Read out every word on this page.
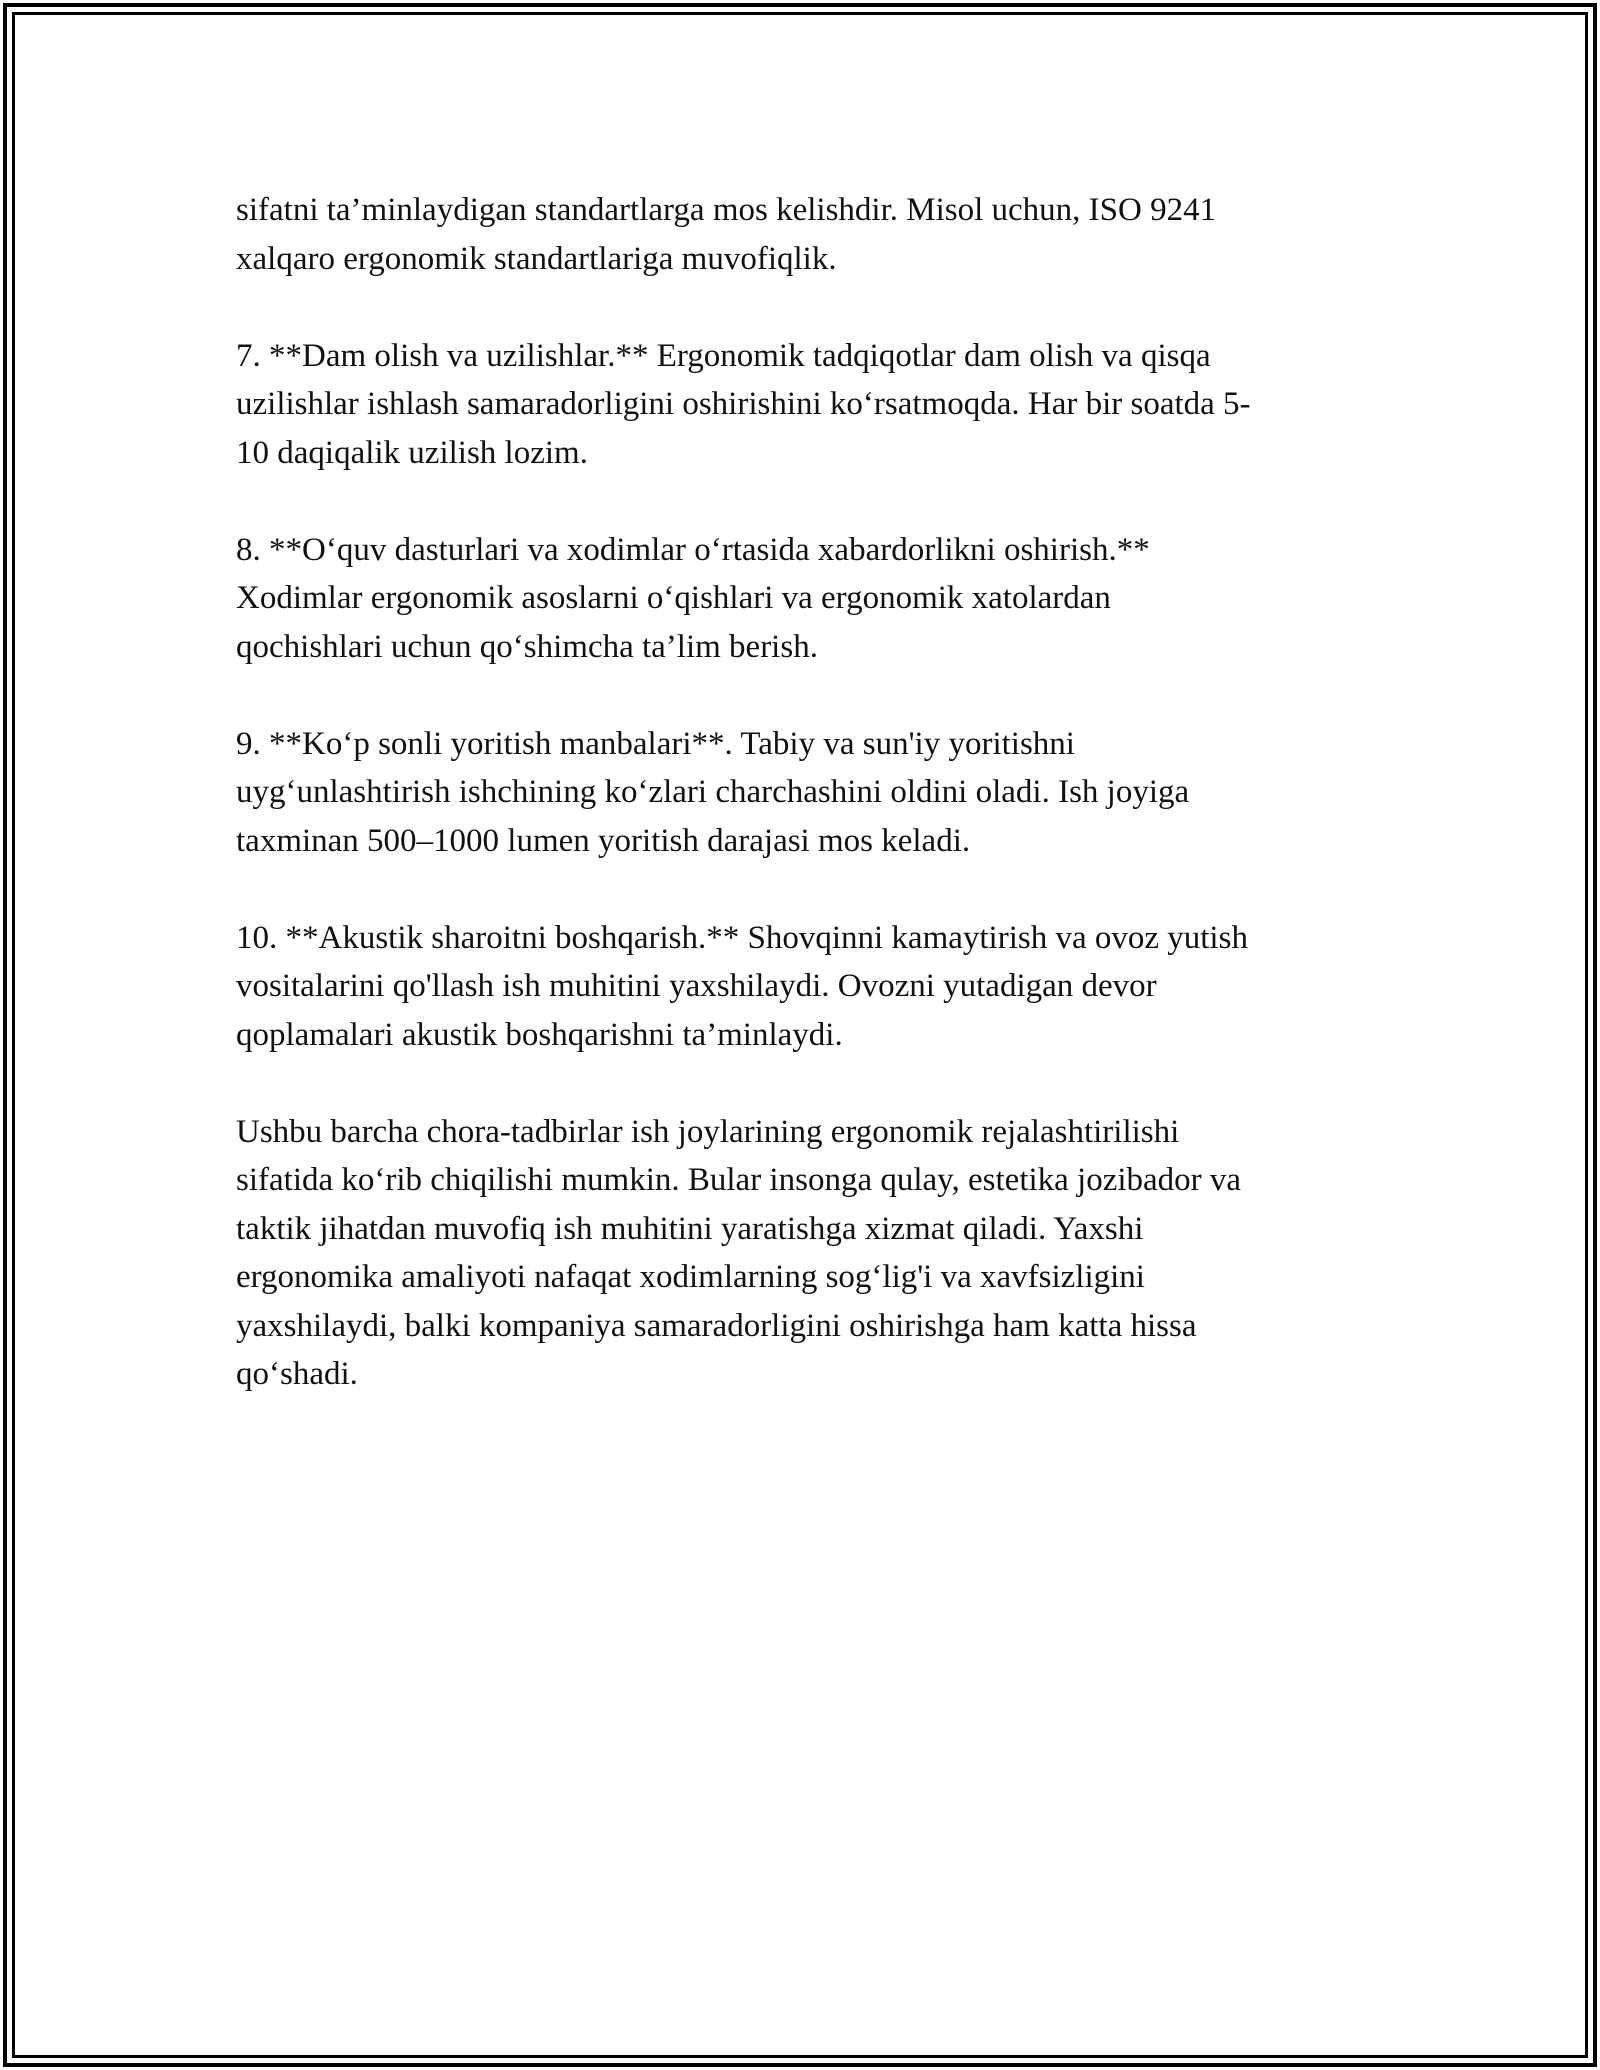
sifatni ta’minlaydigan standartlarga mos kelishdir. Misol uchun, ISO 9241
xalqaro ergonomik standartlariga muvofiqlik.

7. **Dam olish va uzilishlar.** Ergonomik tadqiqotlar dam olish va qisqa
uzilishlar ishlash samaradorligini oshirishini ko‘rsatmoqda. Har bir soatda 5-
10 daqiqalik uzilish lozim.

8. **O‘quv dasturlari va xodimlar o‘rtasida xabardorlikni oshirish.**
Xodimlar ergonomik asoslarni o‘qishlari va ergonomik xatolardan
qochishlari uchun qo‘shimcha ta’lim berish.

9. **Ko‘p sonli yoritish manbalari**. Tabiy va sun'iy yoritishni
uyg‘unlashtirish ishchining ko‘zlari charchashini oldini oladi. Ish joyiga
taxminan 500–1000 lumen yoritish darajasi mos keladi.

10. **Akustik sharoitni boshqarish.** Shovqinni kamaytirish va ovoz yutish
vositalarini qo'llash ish muhitini yaxshilaydi. Ovozni yutadigan devor
qoplamalari akustik boshqarishni ta’minlaydi.

Ushbu barcha chora-tadbirlar ish joylarining ergonomik rejalashtirilishi
sifatida ko‘rib chiqilishi mumkin. Bular insonga qulay, estetika jozibador va
taktik jihatdan muvofiq ish muhitini yaratishga xizmat qiladi. Yaxshi
ergonomika amaliyoti nafaqat xodimlarning sog‘lig'i va xavfsizligini
yaxshilaydi, balki kompaniya samaradorligini oshirishga ham katta hissa
qo‘shadi.
